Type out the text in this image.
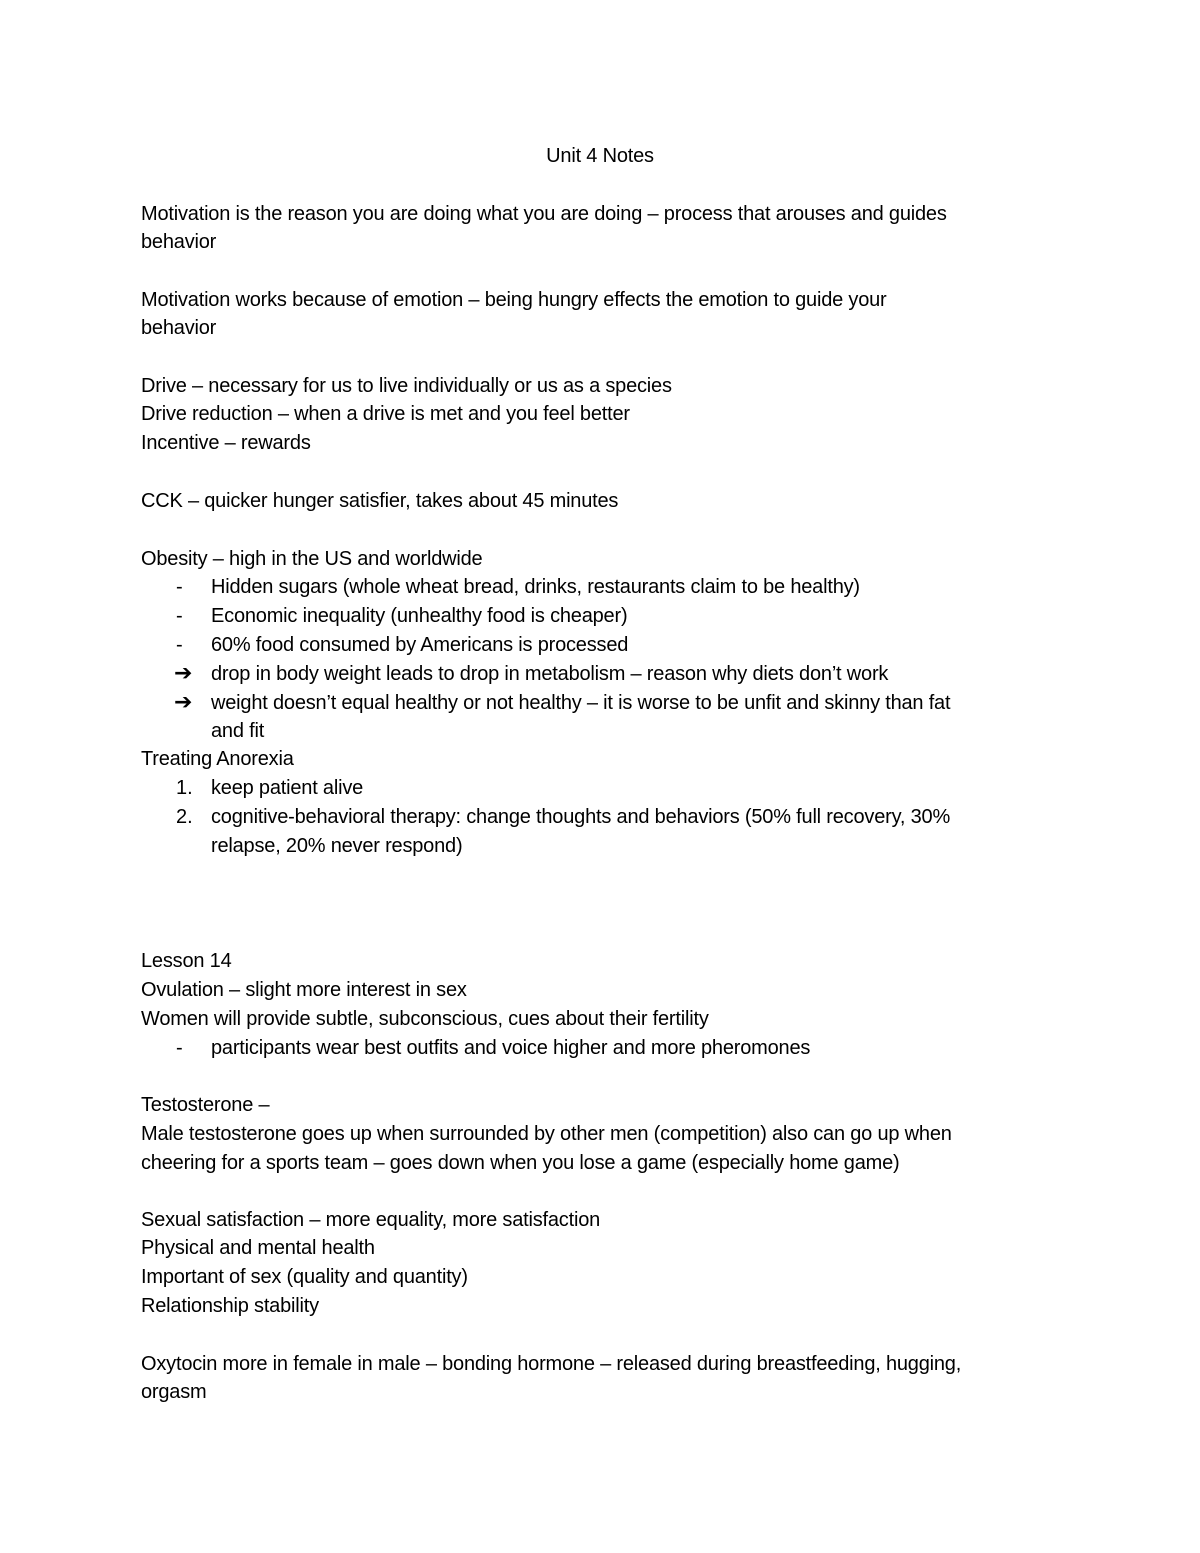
Unit 4 Notes
Motivation is the reason you are doing what you are doing – process that arouses and guides
behavior
Motivation works because of emotion – being hungry effects the emotion to guide your
behavior
Drive – necessary for us to live individually or us as a species
Drive reduction – when a drive is met and you feel better
Incentive – rewards
CCK – quicker hunger satisfier, takes about 45 minutes
Obesity – high in the US and worldwide
- Hidden sugars (whole wheat bread, drinks, restaurants claim to be healthy)
- Economic inequality (unhealthy food is cheaper)
- 60% food consumed by Americans is processed
➔ drop in body weight leads to drop in metabolism – reason why diets don’t work
➔ weight doesn’t equal healthy or not healthy – it is worse to be unfit and skinny than fat
and fit
Treating Anorexia
1. keep patient alive
2. cognitive-behavioral therapy: change thoughts and behaviors (50% full recovery, 30%
relapse, 20% never respond)
Lesson 14
Ovulation – slight more interest in sex
Women will provide subtle, subconscious, cues about their fertility
- participants wear best outfits and voice higher and more pheromones
Testosterone –
Male testosterone goes up when surrounded by other men (competition) also can go up when
cheering for a sports team – goes down when you lose a game (especially home game)
Sexual satisfaction – more equality, more satisfaction
Physical and mental health
Important of sex (quality and quantity)
Relationship stability
Oxytocin more in female in male – bonding hormone – released during breastfeeding, hugging,
orgasm
